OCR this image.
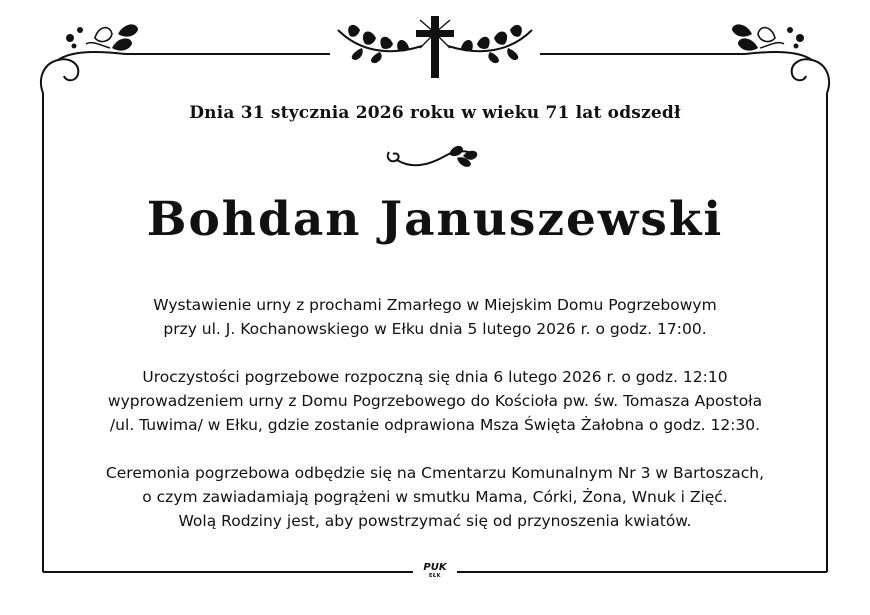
Dnia 31 stycznia 2026 roku w wieku 71 lat odszedł
Bohdan Januszewski
Wystawienie urny z prochami Zmarłego w Miejskim Domu Pogrzebowym
przy ul. J. Kochanowskiego w Ełku dnia 5 lutego 2026 r. o godz. 17:00.
Uroczystości pogrzebowe rozpoczną się dnia 6 lutego 2026 r. o godz. 12:10
wyprowadzeniem urny z Domu Pogrzebowego do Kościoła pw. św. Tomasza Apostoła
/ul. Tuwima/ w Ełku, gdzie zostanie odprawiona Msza Święta Żałobna o godz. 12:30.
Ceremonia pogrzebowa odbędzie się na Cmentarzu Komunalnym Nr 3 w Bartoszach,
o czym zawiadamiają pogrążeni w smutku Mama, Córki, Żona, Wnuk i Zięć.
Wolą Rodziny jest, aby powstrzymać się od przynoszenia kwiatów.
PUK
EŁK
